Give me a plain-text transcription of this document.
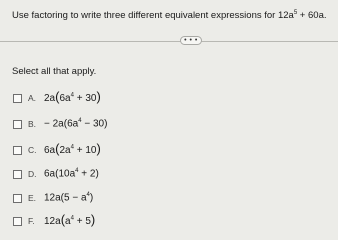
Use factoring to write three different equivalent expressions for $12a^5 + 60a$.
• • •
Select all that apply.
A. $2a(6a^4 + 30)$
B. − $2a(6a^4 - 30)$
C. $6a(2a^4 + 10)$
D. $6a(10a^4 + 2)$
E. $12a(5 - a^4)$
F. $12a(a^4 + 5)$
